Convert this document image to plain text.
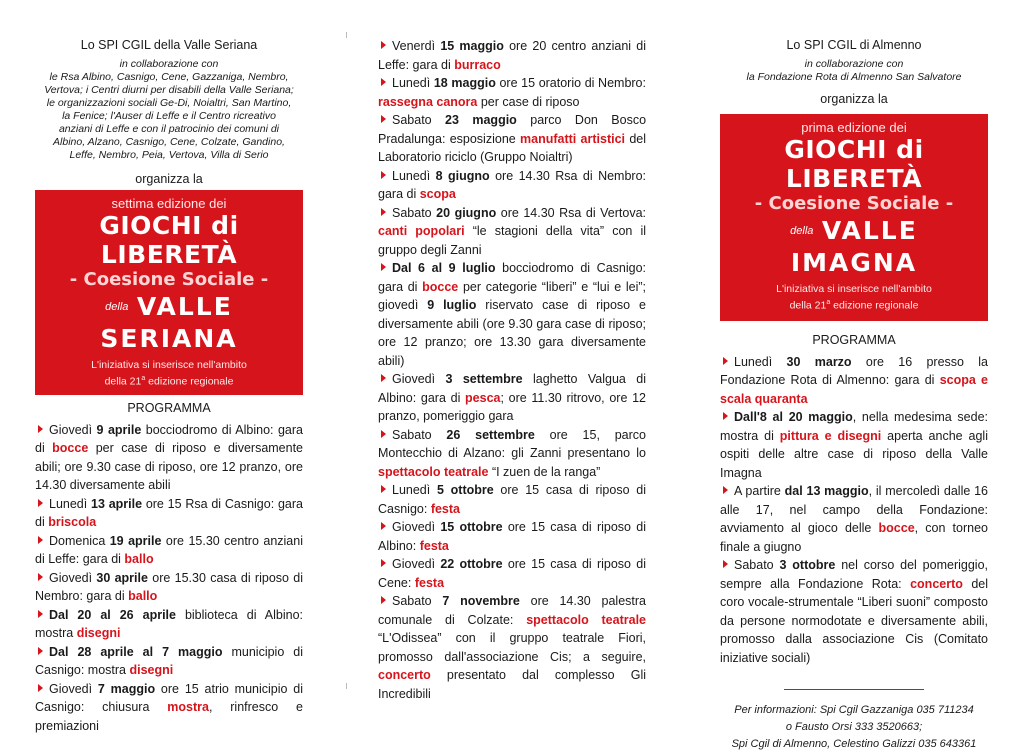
Lo SPI CGIL della Valle Seriana
in collaborazione con
le Rsa Albino, Casnigo, Cene, Gazzaniga, Nembro,
Vertova; i Centri diurni per disabili della Valle Seriana;
le organizzazioni sociali Ge-Di, Noialtri, San Martino,
la Fenice; l'Auser di Leffe e il Centro ricreativo
anziani di Leffe e con il patrocinio dei comuni di
Albino, Alzano, Casnigo, Cene, Colzate, Gandino,
Leffe, Nembro, Peia, Vertova, Villa di Serio
organizza la
settima edizione dei
GIOCHI di LIBERETÀ
- Coesione Sociale -
della VALLE SERIANA
L'iniziativa si inserisce nell'ambito
della 21$^a$ edizione regionale
PROGRAMMA
Giovedì 9 aprile bocciodromo di Albino: gara di bocce per case di riposo e diversamente abili; ore 9.30 case di riposo, ore 12 pranzo, ore 14.30 diversamente abili
Lunedì 13 aprile ore 15 Rsa di Casnigo: gara di briscola
Domenica 19 aprile ore 15.30 centro anziani di Leffe: gara di ballo
Giovedì 30 aprile ore 15.30 casa di riposo di Nembro: gara di ballo
Dal 20 al 26 aprile biblioteca di Albino: mostra disegni
Dal 28 aprile al 7 maggio municipio di Casnigo: mostra disegni
Giovedì 7 maggio ore 15 atrio municipio di Casnigo: chiusura mostra, rinfresco e premiazioni
Venerdì 15 maggio ore 20 centro anziani di Leffe: gara di burraco
Lunedì 18 maggio ore 15 oratorio di Nembro: rassegna canora per case di riposo
Sabato 23 maggio parco Don Bosco Pradalunga: esposizione manufatti artistici del Laboratorio riciclo (Gruppo Noialtri)
Lunedì 8 giugno ore 14.30 Rsa di Nembro: gara di scopa
Sabato 20 giugno ore 14.30 Rsa di Vertova: canti popolari “le stagioni della vita” con il gruppo degli Zanni
Dal 6 al 9 luglio bocciodromo di Casnigo: gara di bocce per categorie “liberi” e “lui e lei”; giovedì 9 luglio riservato case di riposo e diversamente abili (ore 9.30 gara case di riposo; ore 12 pranzo; ore 13.30 gara diversamente abili)
Giovedì 3 settembre laghetto Valgua di Albino: gara di pesca; ore 11.30 ritrovo, ore 12 pranzo, pomeriggio gara
Sabato 26 settembre ore 15, parco Montecchio di Alzano: gli Zanni presentano lo spettacolo teatrale “I zuen de la ranga”
Lunedì 5 ottobre ore 15 casa di riposo di Casnigo: festa
Giovedì 15 ottobre ore 15 casa di riposo di Albino: festa
Giovedì 22 ottobre ore 15 casa di riposo di Cene: festa
Sabato 7 novembre ore 14.30 palestra comunale di Colzate: spettacolo teatrale “L'Odissea” con il gruppo teatrale Fiori, promosso dall'associazione Cis; a seguire, concerto presentato dal complesso Gli Incredibili
Lo SPI CGIL di Almenno
in collaborazione con
la Fondazione Rota di Almenno San Salvatore
organizza la
prima edizione dei
GIOCHI di LIBERETÀ
- Coesione Sociale -
della VALLE IMAGNA
L'iniziativa si inserisce nell'ambito
della 21$^a$ edizione regionale
PROGRAMMA
Lunedì 30 marzo ore 16 presso la Fondazione Rota di Almenno: gara di scopa e scala quaranta
Dall'8 al 20 maggio, nella medesima sede: mostra di pittura e disegni aperta anche agli ospiti delle altre case di riposo della Valle Imagna
A partire dal 13 maggio, il mercoledì dalle 16 alle 17, nel campo della Fondazione: avviamento al gioco delle bocce, con torneo finale a giugno
Sabato 3 ottobre nel corso del pomeriggio, sempre alla Fondazione Rota: concerto del coro vocale-strumentale “Liberi suoni” composto da persone normodotate e diversamente abili, promosso dalla associazione Cis (Comitato iniziative sociali)
Per informazioni: Spi Cgil Gazzaniga 035 711234
o Fausto Orsi 333 3520663;
Spi Cgil di Almenno, Celestino Galizzi 035 643361
